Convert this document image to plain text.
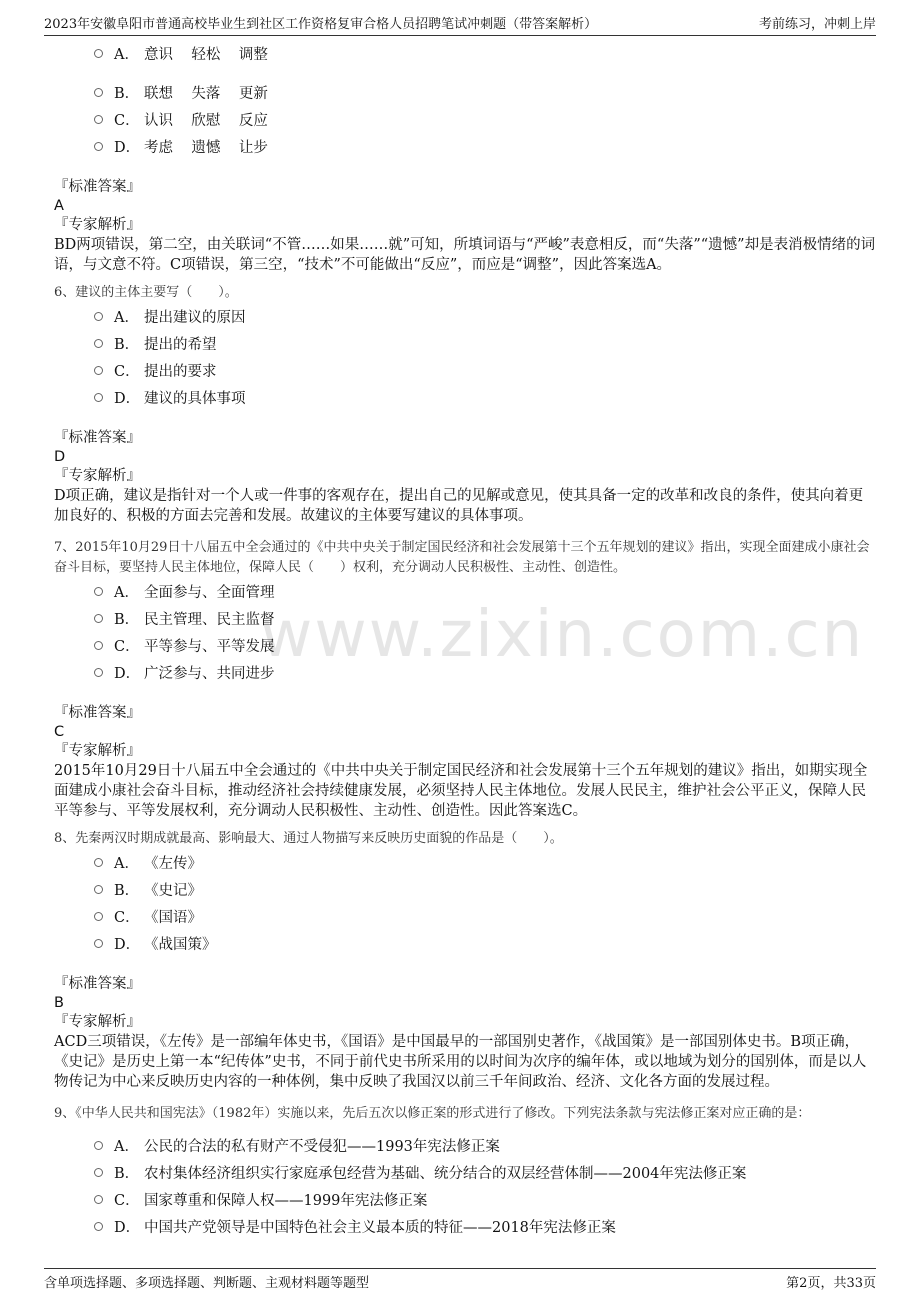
2023年安徽阜阳市普通高校毕业生到社区工作资格复审合格人员招聘笔试冲刺题（带答案解析）	考前练习，冲刺上岸
www.zixin.com.cn
A． 意识    轻松    调整
B． 联想    失落    更新
C． 认识    欣慰    反应
D． 考虑    遗憾    让步
『标准答案』
A
『专家解析』
BD两项错误，第二空，由关联词“不管……如果……就”可知，所填词语与“严峻”表意相反，而“失落”“遗憾”却是表消极情绪的词语，与文意不符。C项错误，第三空，“技术”不可能做出“反应”，而应是“调整”，因此答案选A。
6、建议的主体主要写（　　）。
A． 提出建议的原因
B． 提出的希望
C． 提出的要求
D． 建议的具体事项
『标准答案』
D
『专家解析』
D项正确，建议是指针对一个人或一件事的客观存在，提出自己的见解或意见，使其具备一定的改革和改良的条件，使其向着更加良好的、积极的方面去完善和发展。故建议的主体要写建议的具体事项。
7、2015年10月29日十八届五中全会通过的《中共中央关于制定国民经济和社会发展第十三个五年规划的建议》指出，实现全面建成小康社会奋斗目标，要坚持人民主体地位，保障人民（　　）权利，充分调动人民积极性、主动性、创造性。
A． 全面参与、全面管理
B． 民主管理、民主监督
C． 平等参与、平等发展
D． 广泛参与、共同进步
『标准答案』
C
『专家解析』
2015年10月29日十八届五中全会通过的《中共中央关于制定国民经济和社会发展第十三个五年规划的建议》指出，如期实现全面建成小康社会奋斗目标，推动经济社会持续健康发展，必须坚持人民主体地位。发展人民民主，维护社会公平正义，保障人民平等参与、平等发展权利，充分调动人民积极性、主动性、创造性。因此答案选C。
8、先秦两汉时期成就最高、影响最大、通过人物描写来反映历史面貌的作品是（　　）。
A． 《左传》
B． 《史记》
C． 《国语》
D． 《战国策》
『标准答案』
B
『专家解析』
ACD三项错误，《左传》是一部编年体史书，《国语》是中国最早的一部国别史著作，《战国策》是一部国别体史书。B项正确，《史记》是历史上第一本“纪传体”史书，不同于前代史书所采用的以时间为次序的编年体，或以地域为划分的国别体，而是以人物传记为中心来反映历史内容的一种体例，集中反映了我国汉以前三千年间政治、经济、文化各方面的发展过程。
9、《中华人民共和国宪法》（1982年）实施以来，先后五次以修正案的形式进行了修改。下列宪法条款与宪法修正案对应正确的是：
A． 公民的合法的私有财产不受侵犯——1993年宪法修正案
B． 农村集体经济组织实行家庭承包经营为基础、统分结合的双层经营体制——2004年宪法修正案
C． 国家尊重和保障人权——1999年宪法修正案
D． 中国共产党领导是中国特色社会主义最本质的特征——2018年宪法修正案
含单项选择题、多项选择题、判断题、主观材料题等题型	第2页，共33页
